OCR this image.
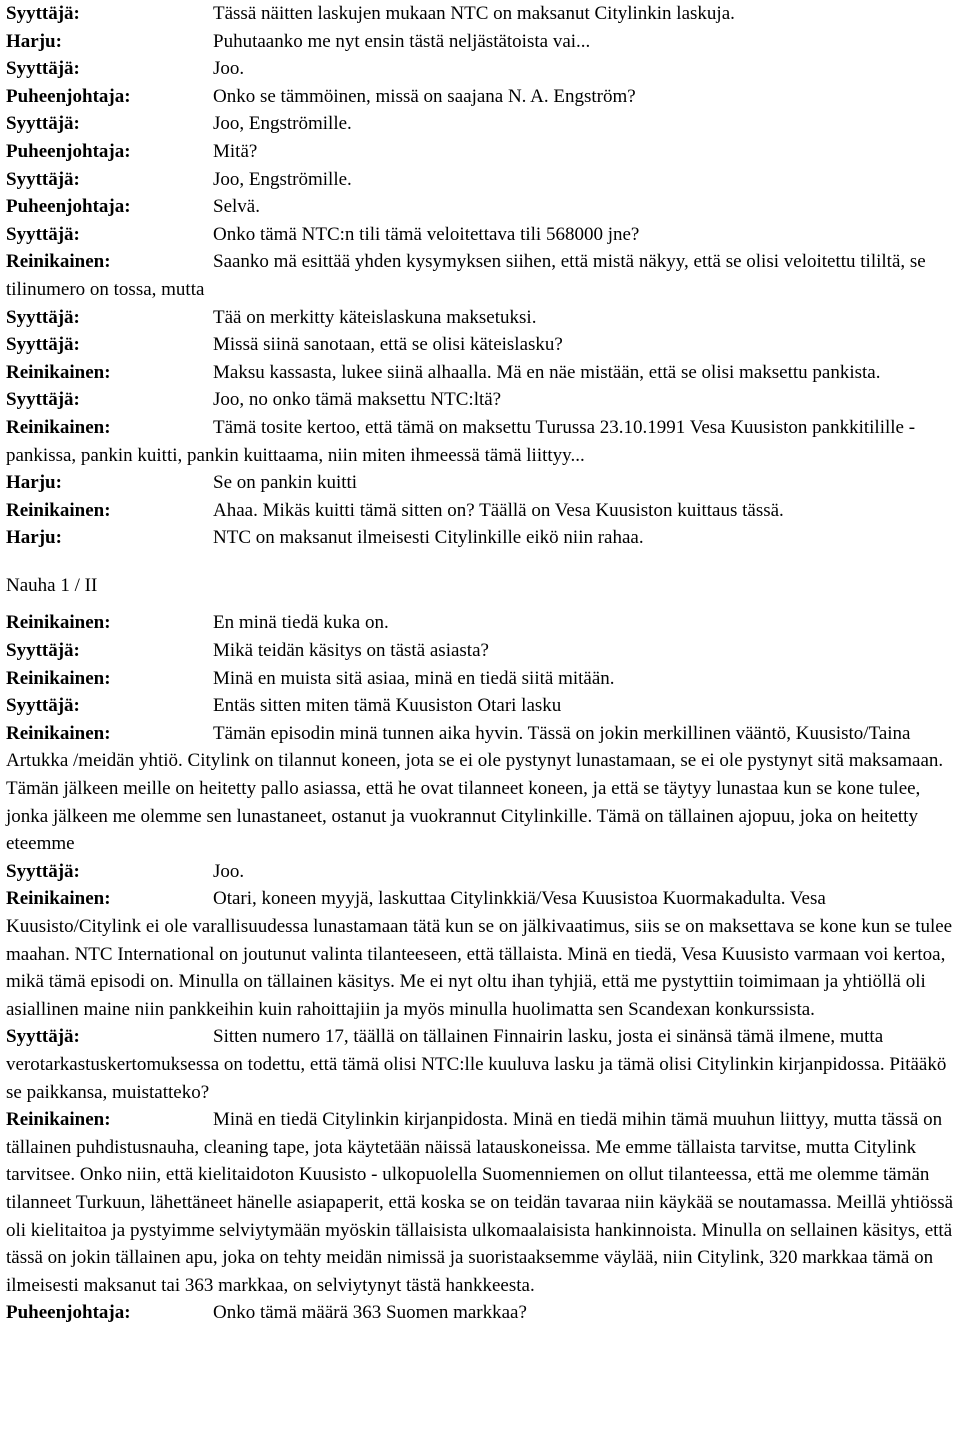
Syyttäjä:	Tässä näitten laskujen mukaan NTC on maksanut Citylinkin laskuja.

Harju:	Puhutaanko me nyt ensin tästä neljästätoista vai...

Syyttäjä:	Joo.

Puheenjohtaja:	Onko se tämmöinen, missä on saajana N. A. Engström?

Syyttäjä:	Joo, Engströmille.

Puheenjohtaja:	Mitä?

Syyttäjä:	Joo, Engströmille.

Puheenjohtaja:	Selvä.

Syyttäjä:	Onko tämä NTC:n tili tämä veloitettava tili 568000 jne?

Reinikainen:	Saanko mä esittää yhden kysymyksen siihen, että mistä näkyy, että se olisi veloitettu tililtä, se tilinumero on tossa, mutta

Syyttäjä:	Tää on merkitty käteislaskuna maksetuksi.

Syyttäjä:	Missä siinä sanotaan, että se olisi käteislasku?

Reinikainen:	Maksu kassasta, lukee siinä alhaalla. Mä en näe mistään, että se olisi maksettu pankista.

Syyttäjä:	Joo, no onko tämä maksettu NTC:ltä?

Reinikainen:	Tämä tosite kertoo, että tämä on maksettu Turussa 23.10.1991 Vesa Kuusiston pankkitilille - pankissa, pankin kuitti, pankin kuittaama, niin miten ihmeessä tämä liittyy...

Harju:	Se on pankin kuitti

Reinikainen:	Ahaa. Mikäs kuitti tämä sitten on? Täällä on Vesa Kuusiston kuittaus tässä.

Harju:	NTC on maksanut ilmeisesti Citylinkille eikö niin rahaa.

Nauha 1 / II

Reinikainen:	En minä tiedä kuka on.

Syyttäjä:	Mikä teidän käsitys on tästä asiasta?

Reinikainen:	Minä en muista sitä asiaa, minä en tiedä siitä mitään.

Syyttäjä:	Entäs sitten miten tämä Kuusiston Otari lasku

Reinikainen:	Tämän episodin minä tunnen aika hyvin. Tässä on jokin merkillinen vääntö, Kuusisto/Taina Artukka /meidän yhtiö. Citylink on tilannut koneen, jota se ei ole pystynyt lunastamaan, se ei ole pystynyt sitä maksamaan. Tämän jälkeen meille on heitetty pallo asiassa, että he ovat tilanneet koneen, ja että se täytyy lunastaa kun se kone tulee, jonka jälkeen me olemme sen lunastaneet, ostanut ja vuokrannut Citylinkille. Tämä on tällainen ajopuu, joka on heitetty eteemme

Syyttäjä:	Joo.

Reinikainen:	Otari, koneen myyjä, laskuttaa Citylinkkiä/Vesa Kuusistoa Kuormakadulta. Vesa Kuusisto/Citylink ei ole varallisuudessa lunastamaan tätä kun se on jälkivaatimus, siis se on maksettava se kone kun se tulee maahan. NTC International on joutunut valinta tilanteeseen, että tällaista. Minä en tiedä, Vesa Kuusisto varmaan voi kertoa, mikä tämä episodi on. Minulla on tällainen käsitys. Me ei nyt oltu ihan tyhjiä, että me pystyttiin toimimaan ja yhtiöllä oli asiallinen maine niin pankkeihin kuin rahoittajiin ja myös minulla huolimatta sen Scandexan konkurssista.

Syyttäjä:	Sitten numero 17, täällä on tällainen Finnairin lasku, josta ei sinänsä tämä ilmene, mutta verotarkastuskertomuksessa on todettu, että tämä olisi NTC:lle kuuluva lasku ja tämä olisi Citylinkin kirjanpidossa. Pitääkö se paikkansa, muistatteko?

Reinikainen:	Minä en tiedä Citylinkin kirjanpidosta. Minä en tiedä mihin tämä muuhun liittyy, mutta tässä on tällainen puhdistusnauha, cleaning tape, jota käytetään näissä latauskoneissa. Me emme tällaista tarvitse, mutta Citylink tarvitsee. Onko niin, että kielitaidoton Kuusisto - ulkopuolella Suomenniemen on ollut tilanteessa, että me olemme tämän tilanneet Turkuun, lähettäneet hänelle asiapaperit, että koska se on teidän tavaraa niin käykää se noutamassa. Meillä yhtiössä oli kielitaitoa ja pystyimme selviytymään myöskin tällaisista ulkomaalaisista hankinnoista. Minulla on sellainen käsitys, että tässä on jokin tällainen apu, joka on tehty meidän nimissä ja suoristaaksemme väylää, niin Citylink, 320 markkaa tämä on ilmeisesti maksanut tai 363 markkaa, on selviytynyt tästä hankkeesta.

Puheenjohtaja:	Onko tämä määrä 363 Suomen markkaa?
